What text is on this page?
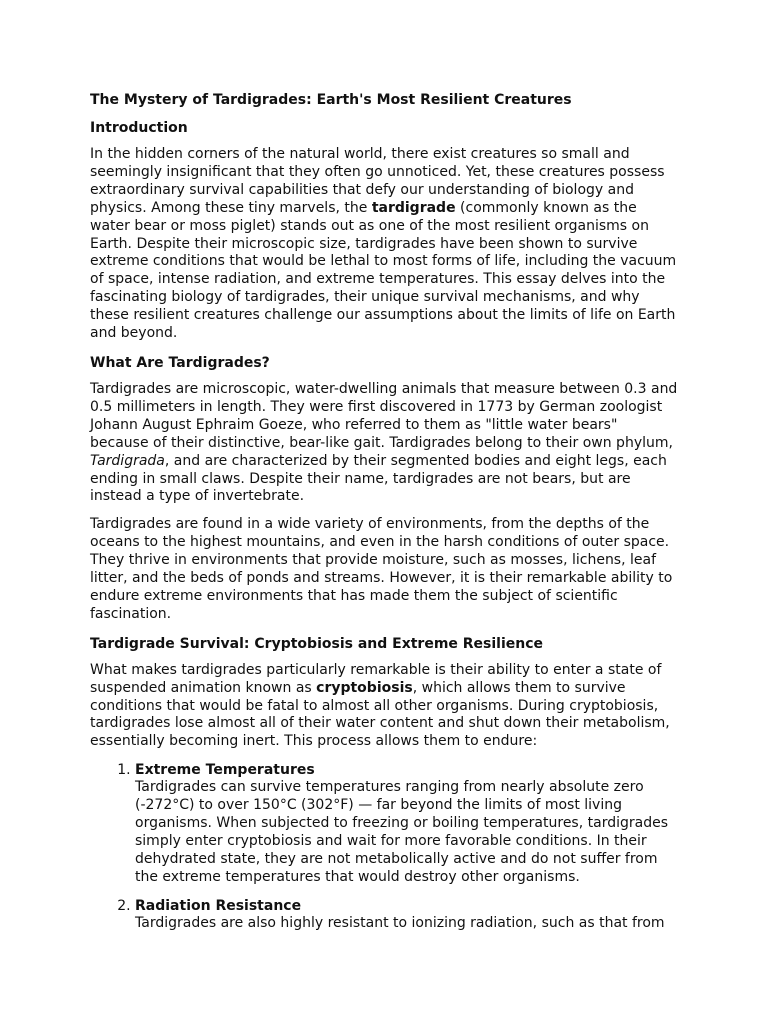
The Mystery of Tardigrades: Earth's Most Resilient Creatures
Introduction

In the hidden corners of the natural world, there exist creatures so small and seemingly insignificant that they often go unnoticed. Yet, these creatures possess extraordinary survival capabilities that defy our understanding of biology and physics. Among these tiny marvels, the tardigrade (commonly known as the water bear or moss piglet) stands out as one of the most resilient organisms on Earth. Despite their microscopic size, tardigrades have been shown to survive extreme conditions that would be lethal to most forms of life, including the vacuum of space, intense radiation, and extreme temperatures. This essay delves into the fascinating biology of tardigrades, their unique survival mechanisms, and why these resilient creatures challenge our assumptions about the limits of life on Earth and beyond.

What Are Tardigrades?

Tardigrades are microscopic, water-dwelling animals that measure between 0.3 and 0.5 millimeters in length. They were first discovered in 1773 by German zoologist Johann August Ephraim Goeze, who referred to them as "little water bears" because of their distinctive, bear-like gait. Tardigrades belong to their own phylum, Tardigrada, and are characterized by their segmented bodies and eight legs, each ending in small claws. Despite their name, tardigrades are not bears, but are instead a type of invertebrate.

Tardigrades are found in a wide variety of environments, from the depths of the oceans to the highest mountains, and even in the harsh conditions of outer space. They thrive in environments that provide moisture, such as mosses, lichens, leaf litter, and the beds of ponds and streams. However, it is their remarkable ability to endure extreme environments that has made them the subject of scientific fascination.

Tardigrade Survival: Cryptobiosis and Extreme Resilience

What makes tardigrades particularly remarkable is their ability to enter a state of suspended animation known as cryptobiosis, which allows them to survive conditions that would be fatal to almost all other organisms. During cryptobiosis, tardigrades lose almost all of their water content and shut down their metabolism, essentially becoming inert. This process allows them to endure:

1. Extreme Temperatures
Tardigrades can survive temperatures ranging from nearly absolute zero (-272°C) to over 150°C (302°F) — far beyond the limits of most living organisms. When subjected to freezing or boiling temperatures, tardigrades simply enter cryptobiosis and wait for more favorable conditions. In their dehydrated state, they are not metabolically active and do not suffer from the extreme temperatures that would destroy other organisms.
2. Radiation Resistance
Tardigrades are also highly resistant to ionizing radiation, such as that from
